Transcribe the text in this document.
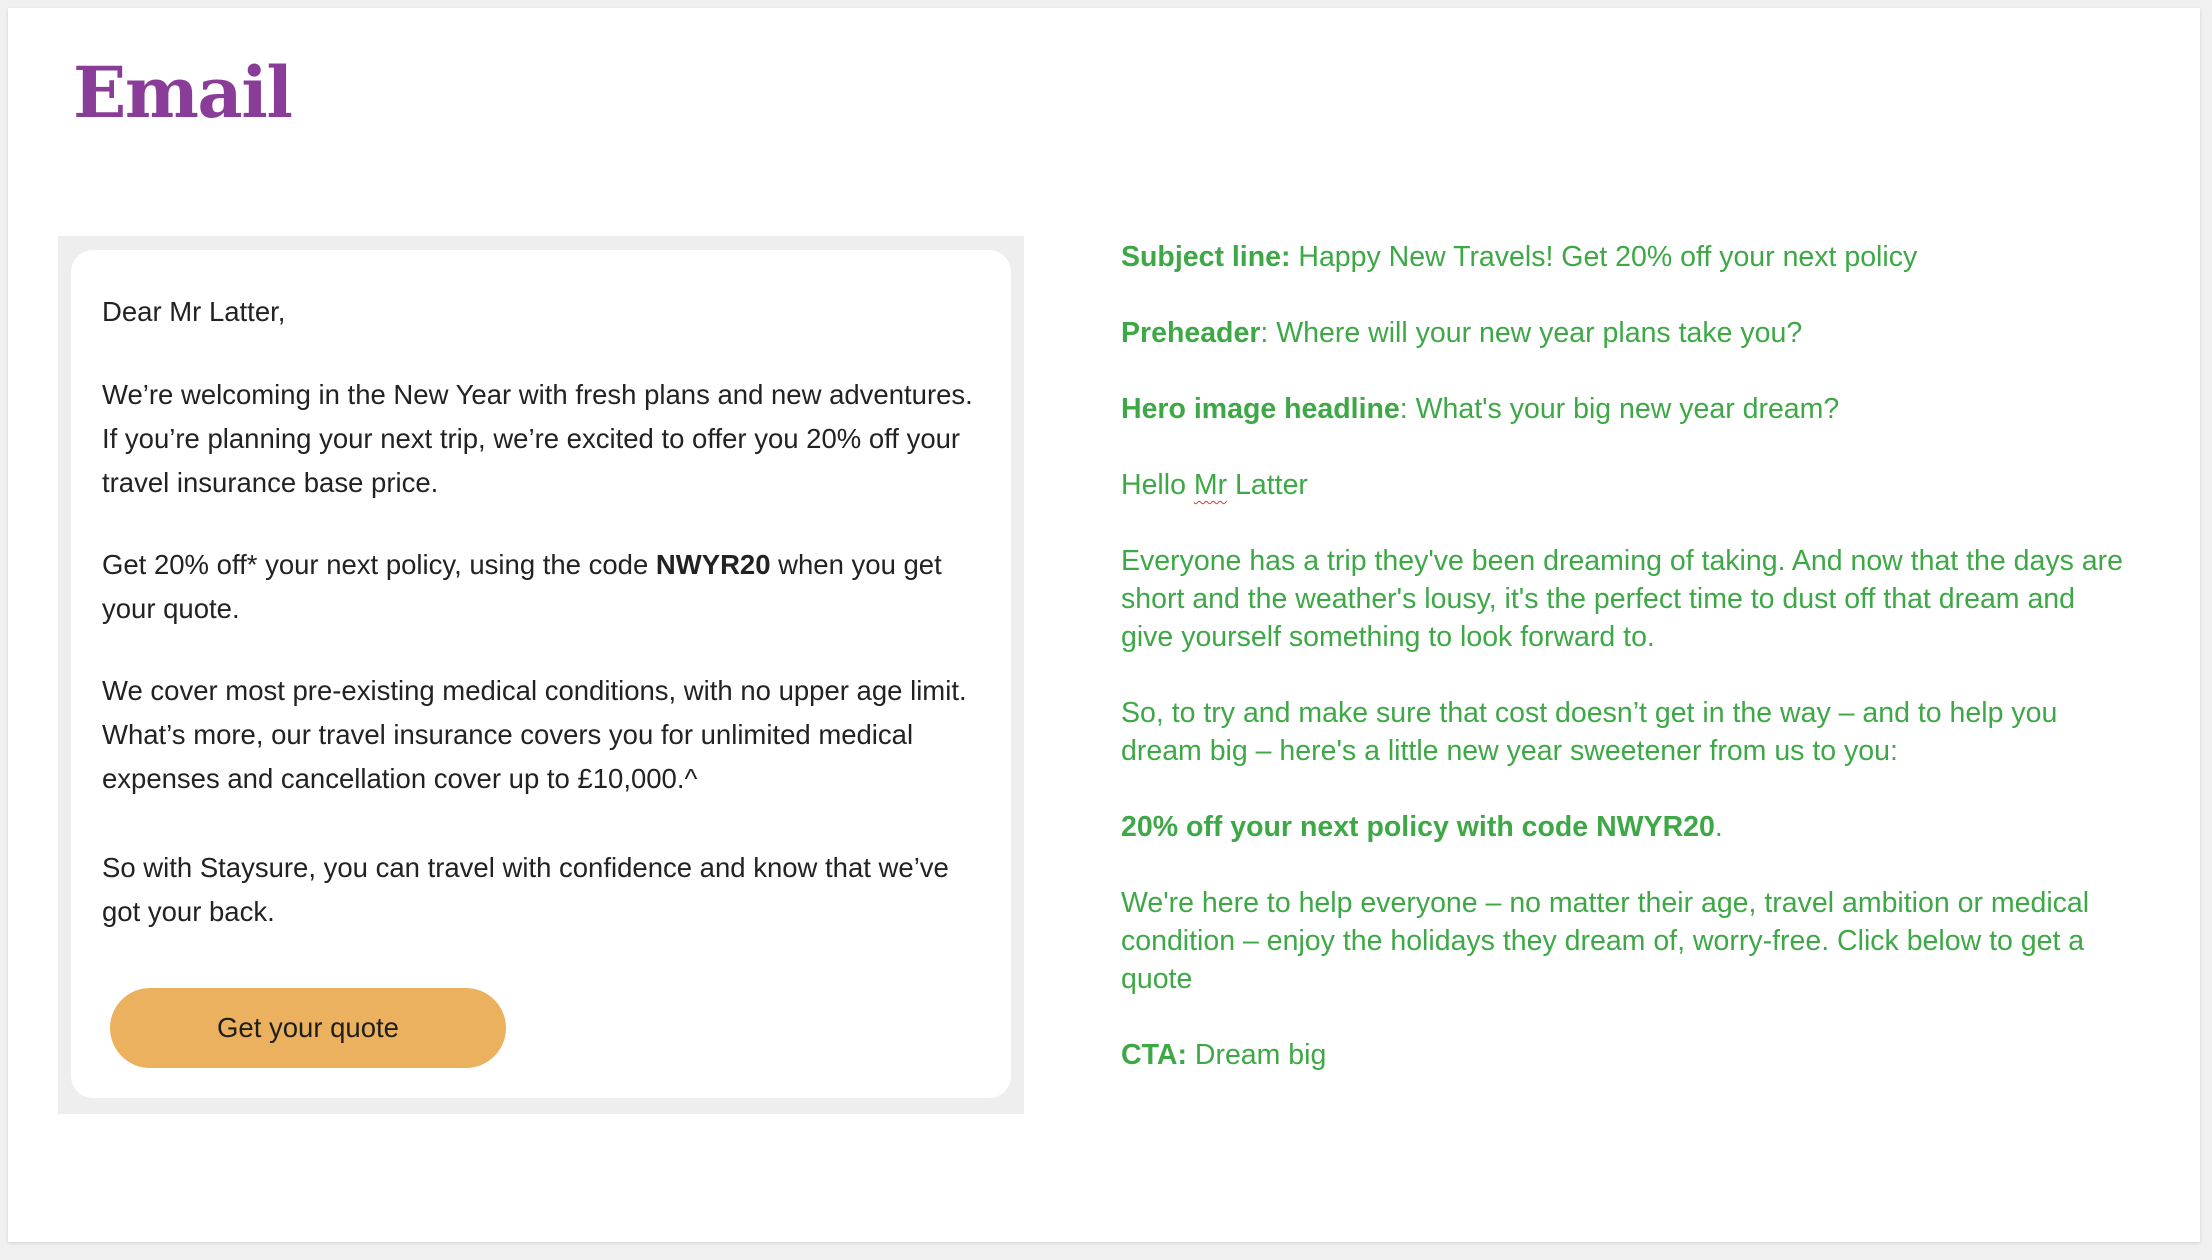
Email

Dear Mr Latter,

We’re welcoming in the New Year with fresh plans and new adventures. If you’re planning your next trip, we’re excited to offer you 20% off your travel insurance base price.

Get 20% off* your next policy, using the code NWYR20 when you get your quote.

We cover most pre-existing medical conditions, with no upper age limit. What’s more, our travel insurance covers you for unlimited medical expenses and cancellation cover up to £10,000.^

So with Staysure, you can travel with confidence and know that we’ve got your back.

Get your quote

Subject line: Happy New Travels! Get 20% off your next policy

Preheader: Where will your new year plans take you?

Hero image headline: What's your big new year dream?

Hello Mr Latter

Everyone has a trip they've been dreaming of taking. And now that the days are short and the weather's lousy, it's the perfect time to dust off that dream and give yourself something to look forward to.

So, to try and make sure that cost doesn’t get in the way – and to help you dream big – here's a little new year sweetener from us to you:

20% off your next policy with code NWYR20.

We're here to help everyone – no matter their age, travel ambition or medical condition – enjoy the holidays they dream of, worry-free. Click below to get a quote

CTA: Dream big
